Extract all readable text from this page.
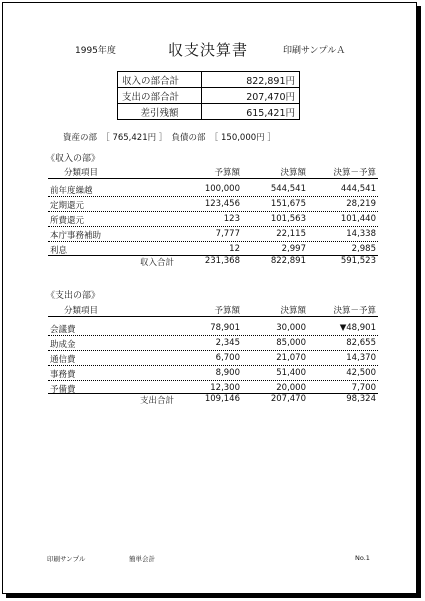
1995年度	収支決算書	印刷サンプルＡ
収入の部合計	822,891円
支出の部合計	207,470円
差引残額	615,421円
資産の部　［ 765,421円 ］　負債の部　［ 150,000円 ］
《収入の部》
分類項目	予算額	決算額	決算－予算
前年度繰越	100,000	544,541	444,541
定期還元	123,456	151,675	28,219
所費還元	123	101,563	101,440
本庁事務補助	7,777	22,115	14,338
利息	12	2,997	2,985
収入合計	231,368	822,891	591,523
《支出の部》
分類項目	予算額	決算額	決算－予算
会議費	78,901	30,000	▼48,901
助成金	2,345	85,000	82,655
通信費	6,700	21,070	14,370
事務費	8,900	51,400	42,500
予備費	12,300	20,000	7,700
支出合計	109,146	207,470	98,324
印刷サンプル	簡単会計	No.1
